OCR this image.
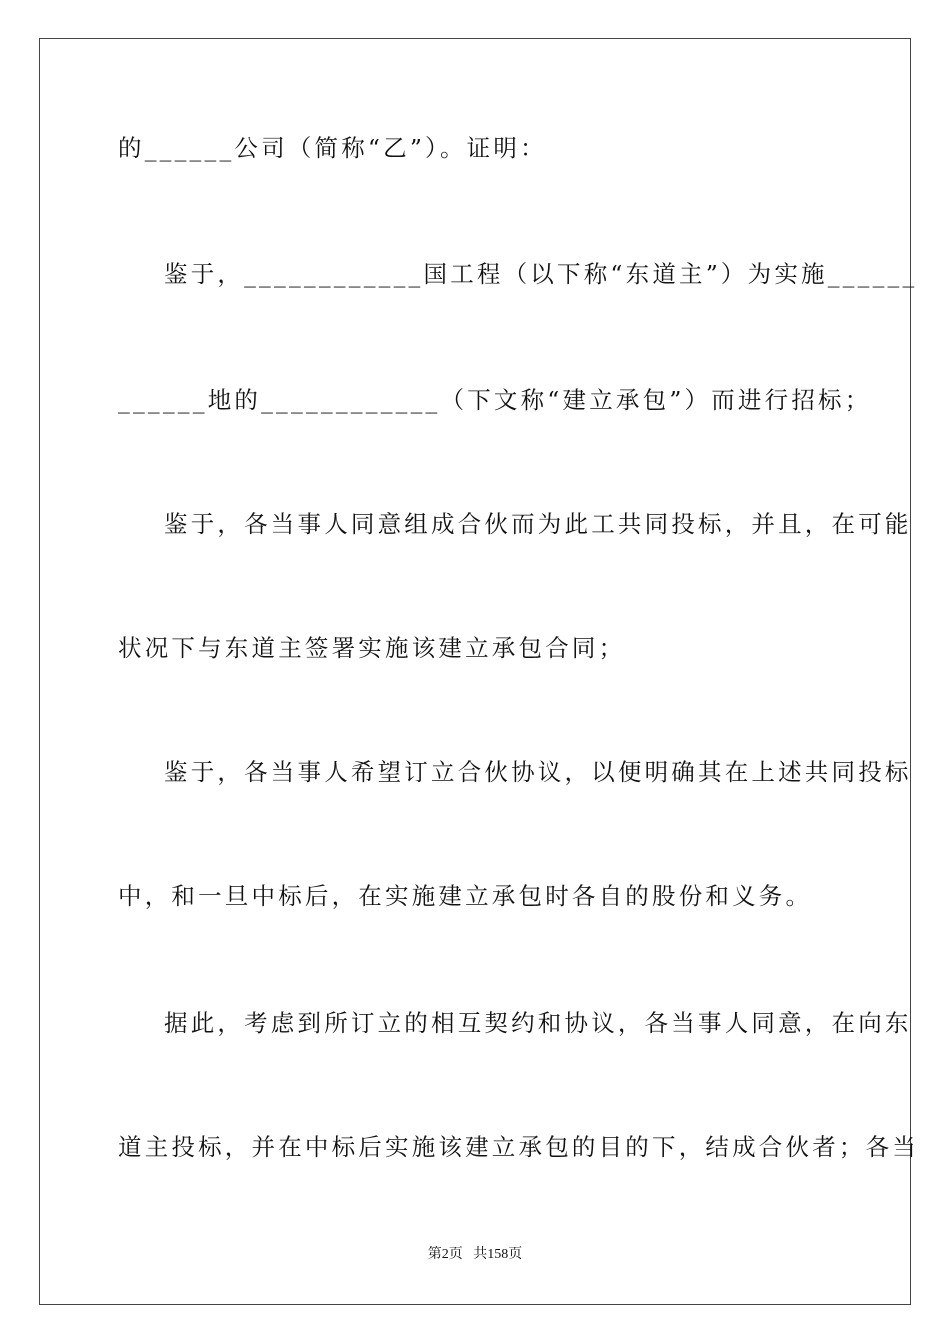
的______公司（简称“乙”）。证明：
鉴于，____________国工程（以下称“东道主”）为实施______
______地的____________（下文称“建立承包”）而进行招标；
鉴于，各当事人同意组成合伙而为此工共同投标，并且，在可能
状况下与东道主签署实施该建立承包合同；
鉴于，各当事人希望订立合伙协议，以便明确其在上述共同投标
中，和一旦中标后，在实施建立承包时各自的股份和义务。
据此，考虑到所订立的相互契约和协议，各当事人同意，在向东
道主投标，并在中标后实施该建立承包的目的下，结成合伙者；各当
第2页 共158页
